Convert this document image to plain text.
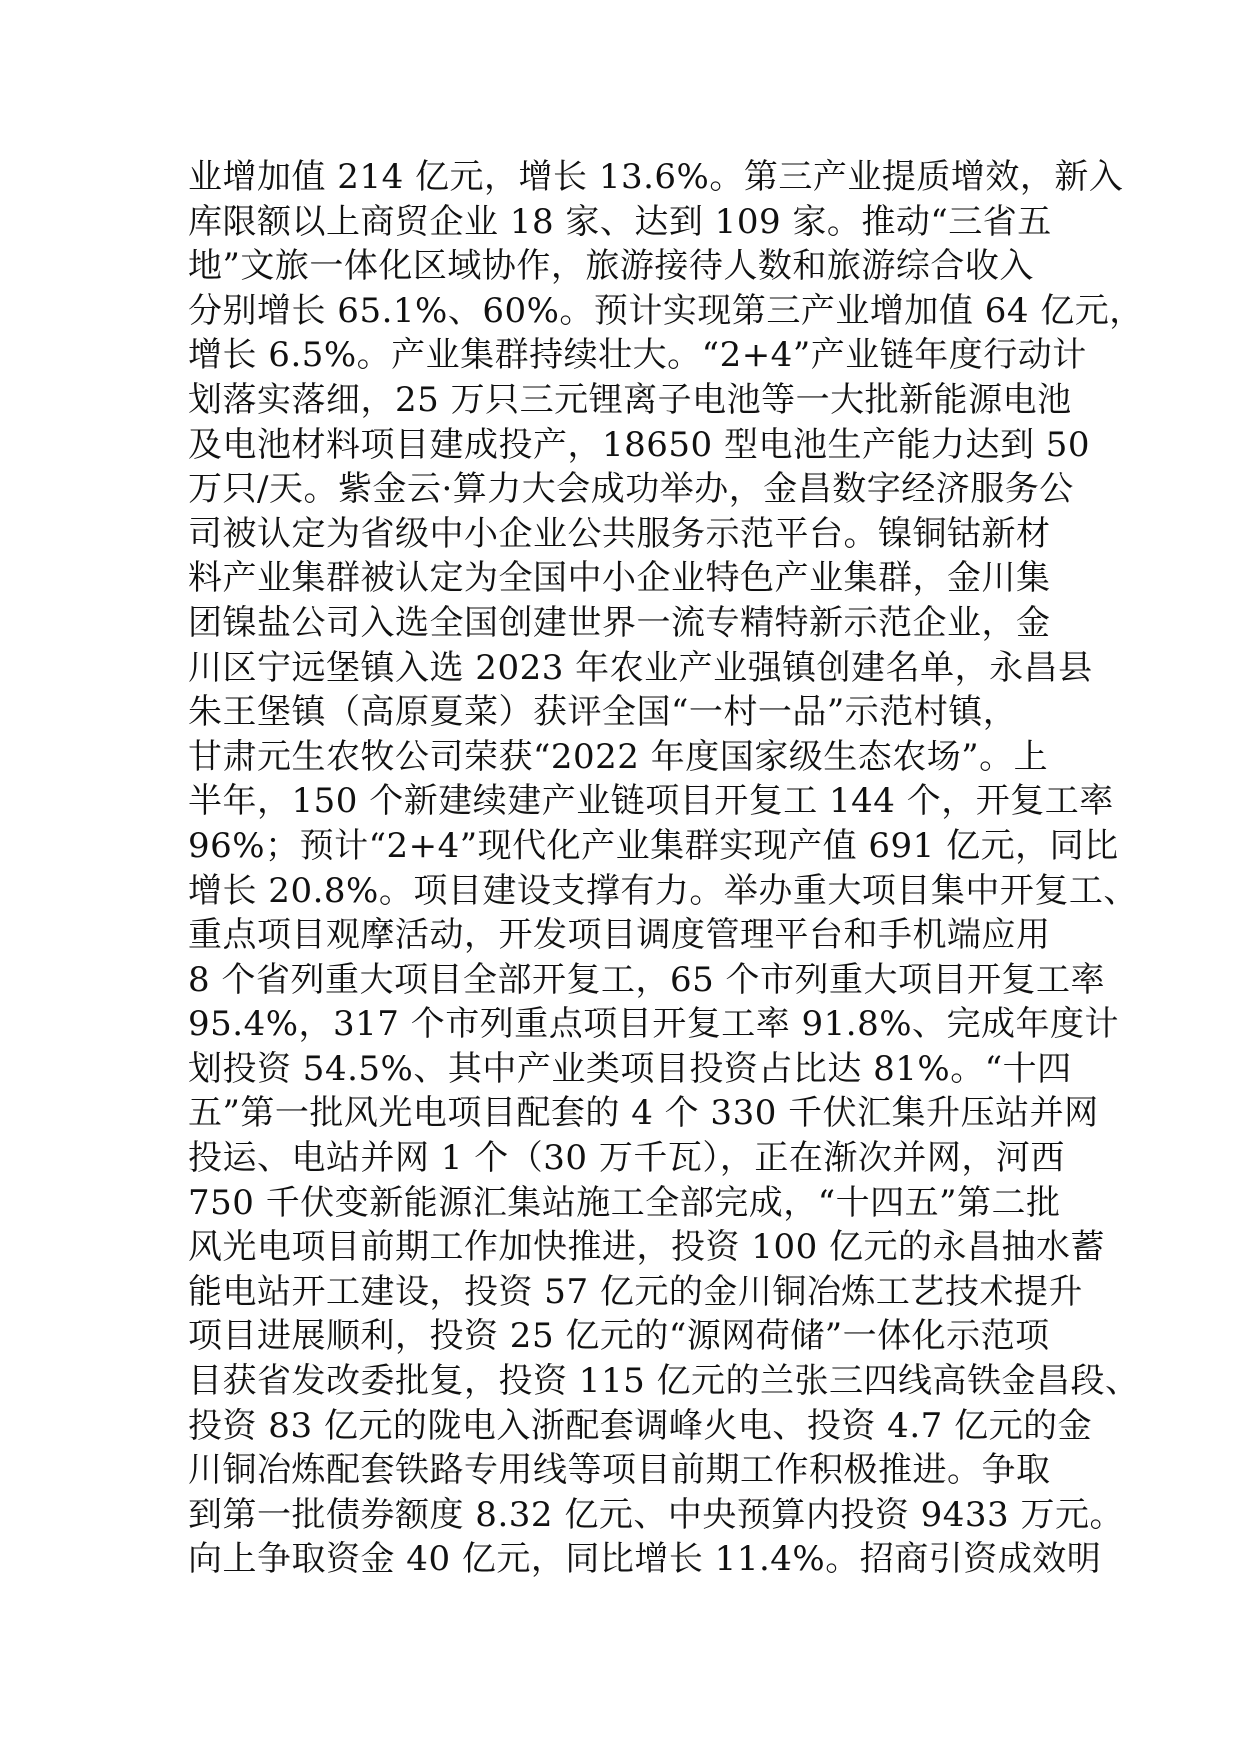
业增加值 214 亿元，增长 13.6%。第三产业提质增效，新入
库限额以上商贸企业 18 家、达到 109 家。推动“三省五
地”文旅一体化区域协作，旅游接待人数和旅游综合收入
分别增长 65.1%、60%。预计实现第三产业增加值 64 亿元，
增长 6.5%。产业集群持续壮大。“2+4”产业链年度行动计
划落实落细，25 万只三元锂离子电池等一大批新能源电池
及电池材料项目建成投产，18650 型电池生产能力达到 50
万只/天。紫金云·算力大会成功举办，金昌数字经济服务公
司被认定为省级中小企业公共服务示范平台。镍铜钴新材
料产业集群被认定为全国中小企业特色产业集群，金川集
团镍盐公司入选全国创建世界一流专精特新示范企业，金
川区宁远堡镇入选 2023 年农业产业强镇创建名单，永昌县
朱王堡镇（高原夏菜）获评全国“一村一品”示范村镇，
甘肃元生农牧公司荣获“2022 年度国家级生态农场”。上
半年，150 个新建续建产业链项目开复工 144 个，开复工率
96%；预计“2+4”现代化产业集群实现产值 691 亿元，同比
增长 20.8%。项目建设支撑有力。举办重大项目集中开复工、
重点项目观摩活动，开发项目调度管理平台和手机端应用
8 个省列重大项目全部开复工，65 个市列重大项目开复工率
95.4%，317 个市列重点项目开复工率 91.8%、完成年度计
划投资 54.5%、其中产业类项目投资占比达 81%。“十四
五”第一批风光电项目配套的 4 个 330 千伏汇集升压站并网
投运、电站并网 1 个（30 万千瓦），正在渐次并网，河西
750 千伏变新能源汇集站施工全部完成，“十四五”第二批
风光电项目前期工作加快推进，投资 100 亿元的永昌抽水蓄
能电站开工建设，投资 57 亿元的金川铜冶炼工艺技术提升
项目进展顺利，投资 25 亿元的“源网荷储”一体化示范项
目获省发改委批复，投资 115 亿元的兰张三四线高铁金昌段、
投资 83 亿元的陇电入浙配套调峰火电、投资 4.7 亿元的金
川铜冶炼配套铁路专用线等项目前期工作积极推进。争取
到第一批债券额度 8.32 亿元、中央预算内投资 9433 万元。
向上争取资金 40 亿元，同比增长 11.4%。招商引资成效明
